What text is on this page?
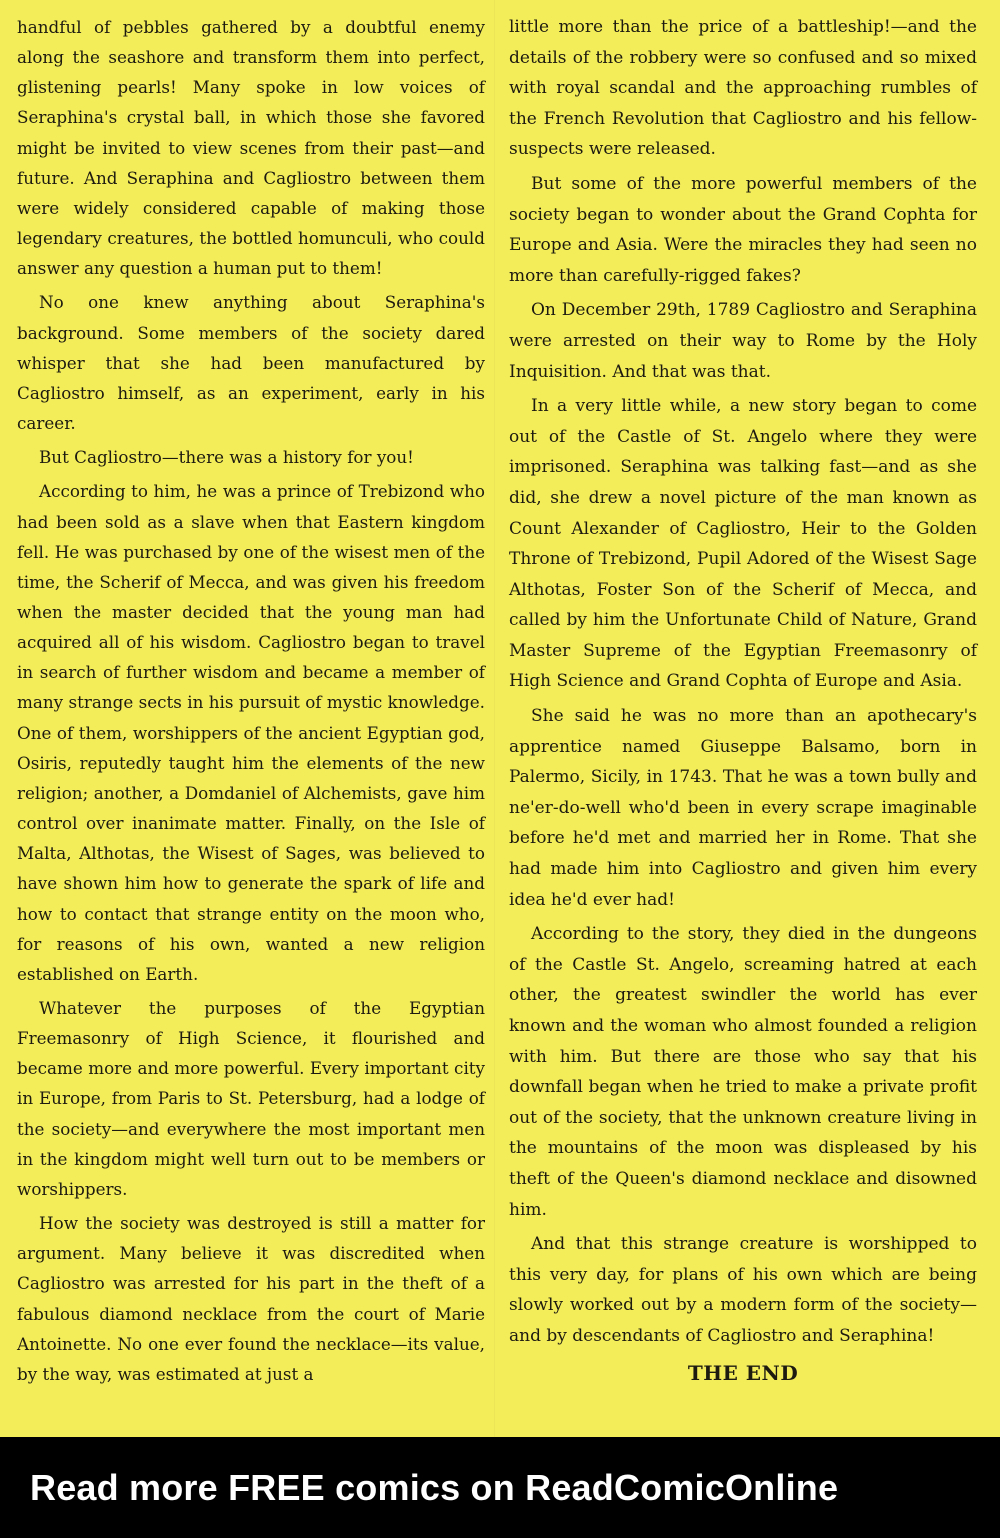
handful of pebbles gathered by a doubtful enemy along the seashore and transform them into perfect, glistening pearls! Many spoke in low voices of Seraphina's crystal ball, in which those she favored might be invited to view scenes from their past—and future. And Seraphina and Cagliostro between them were widely considered capable of making those legendary creatures, the bottled homunculi, who could answer any question a human put to them!

No one knew anything about Seraphina's background. Some members of the society dared whisper that she had been manufactured by Cagliostro himself, as an experiment, early in his career.

But Cagliostro—there was a history for you!

According to him, he was a prince of Trebizond who had been sold as a slave when that Eastern kingdom fell. He was purchased by one of the wisest men of the time, the Scherif of Mecca, and was given his freedom when the master decided that the young man had acquired all of his wisdom. Cagliostro began to travel in search of further wisdom and became a member of many strange sects in his pursuit of mystic knowledge. One of them, worshippers of the ancient Egyptian god, Osiris, reputedly taught him the elements of the new religion; another, a Domdaniel of Alchemists, gave him control over inanimate matter. Finally, on the Isle of Malta, Althotas, the Wisest of Sages, was believed to have shown him how to generate the spark of life and how to contact that strange entity on the moon who, for reasons of his own, wanted a new religion established on Earth.

Whatever the purposes of the Egyptian Freemasonry of High Science, it flourished and became more and more powerful. Every important city in Europe, from Paris to St. Petersburg, had a lodge of the society—and everywhere the most important men in the kingdom might well turn out to be members or worshippers.

How the society was destroyed is still a matter for argument. Many believe it was discredited when Cagliostro was arrested for his part in the theft of a fabulous diamond necklace from the court of Marie Antoinette. No one ever found the necklace—its value, by the way, was estimated at just a

little more than the price of a battleship!—and the details of the robbery were so confused and so mixed with royal scandal and the approaching rumbles of the French Revolution that Cagliostro and his fellow-suspects were released.

But some of the more powerful members of the society began to wonder about the Grand Cophta for Europe and Asia. Were the miracles they had seen no more than carefully-rigged fakes?

On December 29th, 1789 Cagliostro and Seraphina were arrested on their way to Rome by the Holy Inquisition. And that was that.

In a very little while, a new story began to come out of the Castle of St. Angelo where they were imprisoned. Seraphina was talking fast—and as she did, she drew a novel picture of the man known as Count Alexander of Cagliostro, Heir to the Golden Throne of Trebizond, Pupil Adored of the Wisest Sage Althotas, Foster Son of the Scherif of Mecca, and called by him the Unfortunate Child of Nature, Grand Master Supreme of the Egyptian Freemasonry of High Science and Grand Cophta of Europe and Asia.

She said he was no more than an apothecary's apprentice named Giuseppe Balsamo, born in Palermo, Sicily, in 1743. That he was a town bully and ne'er-do-well who'd been in every scrape imaginable before he'd met and married her in Rome. That she had made him into Cagliostro and given him every idea he'd ever had!

According to the story, they died in the dungeons of the Castle St. Angelo, screaming hatred at each other, the greatest swindler the world has ever known and the woman who almost founded a religion with him. But there are those who say that his downfall began when he tried to make a private profit out of the society, that the unknown creature living in the mountains of the moon was displeased by his theft of the Queen's diamond necklace and disowned him.

And that this strange creature is worshipped to this very day, for plans of his own which are being slowly worked out by a modern form of the society—and by descendants of Cagliostro and Seraphina!

THE END
Read more FREE comics on ReadComicOnline
